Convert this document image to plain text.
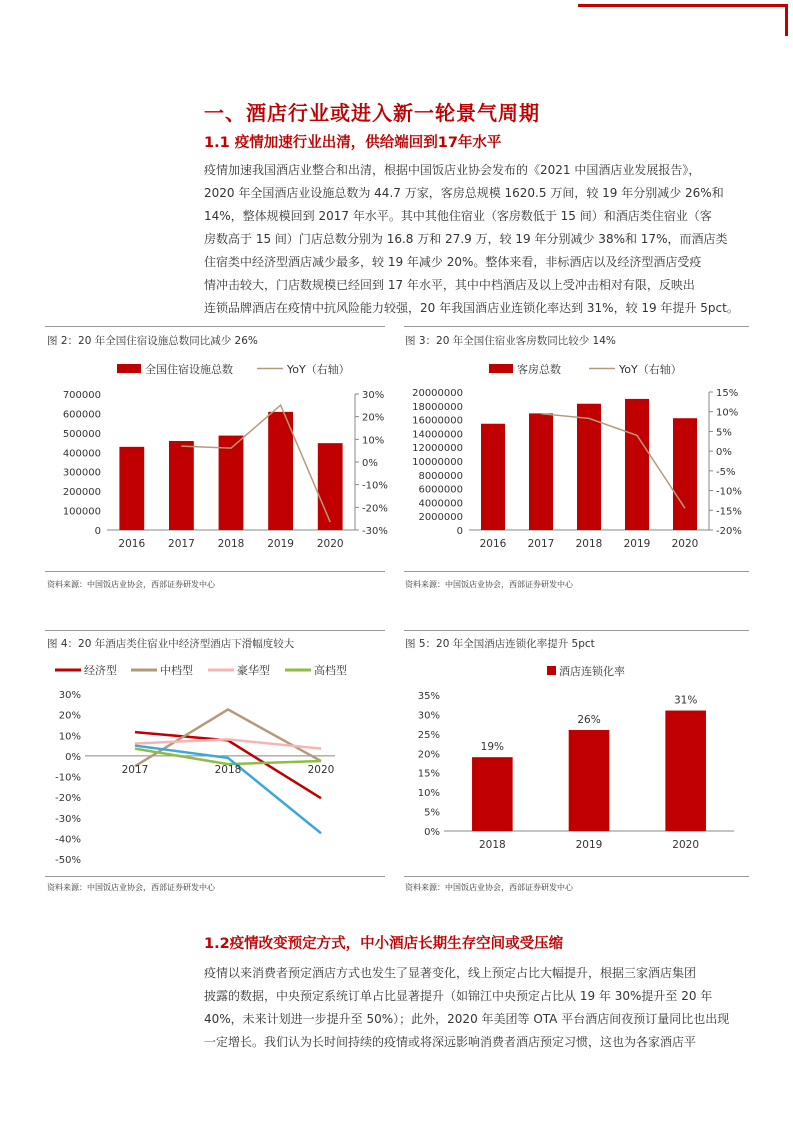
一、酒店行业或进入新一轮景气周期
1.1 疫情加速行业出清，供给端回到17年水平

疫情加速我国酒店业整合和出清，根据中国饭店业协会发布的《2021 中国酒店业发展报告》，

2020 年全国酒店业设施总数为 44.7 万家，客房总规模 1620.5 万间，较 19 年分别减少 26%和

14%，整体规模回到 2017 年水平。其中其他住宿业（客房数低于 15 间）和酒店类住宿业（客

房数高于 15 间）门店总数分别为 16.8 万和 27.9 万，较 19 年分别减少 38%和 17%，而酒店类

住宿类中经济型酒店减少最多，较 19 年减少 20%。整体来看，非标酒店以及经济型酒店受疫

情冲击较大，门店数规模已经回到 17 年水平，其中中档酒店及以上受冲击相对有限，反映出

连锁品牌酒店在疫情中抗风险能力较强，20 年我国酒店业连锁化率达到 31%，较 19 年提升 5pct。

图 2：20 年全国住宿设施总数同比减少 26%
全国住宿设施总数	YoY（右轴）
0
100000
200000
300000
400000
500000
600000
700000
-30%
-20%
-10%
0%
10%
20%
30%
2016 2017 2018 2019 2020
资料来源：中国饭店业协会，西部证券研发中心
图 3：20 年全国住宿业客房数同比较少 14%
客房总数	YoY（右轴）
0
2000000
4000000
6000000
8000000
10000000
12000000
14000000
16000000
18000000
20000000
-20%
-15%
-10%
-5%
0%
5%
10%
15%
2016 2017 2018 2019 2020
资料来源：中国饭店业协会，西部证券研发中心
图 4：20 年酒店类住宿业中经济型酒店下滑幅度较大
经济型	中档型	豪华型	高档型
-50%
-40%
-30%
-20%
-10%
0%
10%
20%
30%
2017	2018	2020
资料来源：中国饭店业协会，西部证券研发中心
图 5：20 年全国酒店连锁化率提升 5pct
酒店连锁化率
0%
5%
10%
15%
20%
25%
30%
35%
19%
2018
26%
2019
31%
2020
资料来源：中国饭店业协会，西部证券研发中心
1.2疫情改变预定方式，中小酒店长期生存空间或受压缩

疫情以来消费者预定酒店方式也发生了显著变化，线上预定占比大幅提升，根据三家酒店集团

披露的数据，中央预定系统订单占比显著提升（如锦江中央预定占比从 19 年 30%提升至 20 年

40%，未来计划进一步提升至 50%）；此外，2020 年美团等 OTA 平台酒店间夜预订量同比也出现

一定增长。我们认为长时间持续的疫情或将深远影响消费者酒店预定习惯，这也为各家酒店平
